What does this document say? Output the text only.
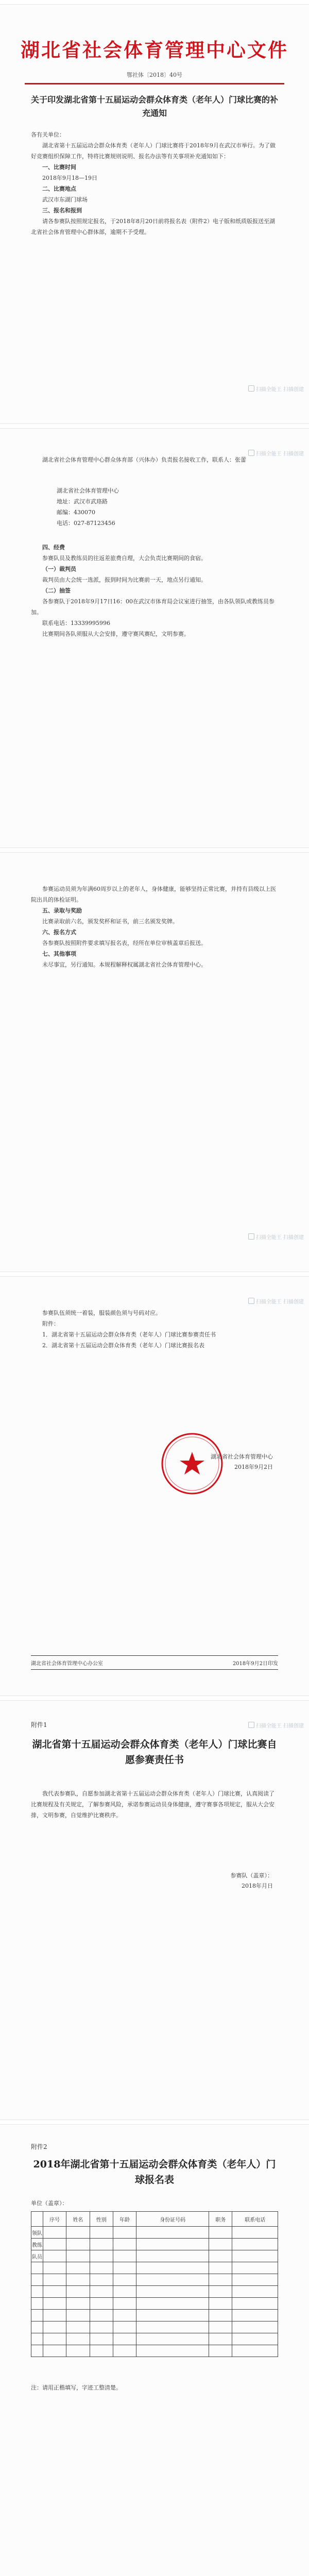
湖北省社会体育管理中心文件
鄂社体〔2018〕40号
关于印发湖北省第十五届运动会群众体育类（老年人）门球比赛的补充通知

各有关单位：

湖北省第十五届运动会群众体育类（老年人）门球比赛将于2018年9月在武汉市举行。为了做好竞赛组织保障工作，特将比赛规则说明、报名办法等有关事项补充通知如下：

一、比赛时间

2018年9月18—19日

二、比赛地点

武汉市东湖门球场

三、报名和报到

请各参赛队按照规定报名，于2018年8月20日前将报名表（附件2）电子版和纸质版报送至湖北省社会体育管理中心群体部，逾期不予受理。

扫描全能王 扫描创建

湖北省社会体育管理中心群众体育部（兴体办）负责报名接收工作，联系人：张蕾

湖北省社会体育管理中心
地址：武汉市武珞路
邮编：430070
电话：027-87123456

四、经费

参赛队员及教练员的往返差旅费自理，大会负责比赛期间的食宿。

（一）裁判员

裁判员由大会统一选派，报到时间为比赛前一天，地点另行通知。

（二）抽签

各参赛队于2018年9月17日16：00在武汉市体育局会议室进行抽签，由各队领队或教练员参加。

联系电话：13339995996

比赛期间各队须服从大会安排，遵守赛风赛纪，文明参赛。

扫描全能王 扫描创建

参赛运动员须为年满60周岁以上的老年人，身体健康，能够坚持正常比赛，并持有县级以上医院出具的体检证明。

五、录取与奖励

比赛录取前六名，颁发奖杯和证书，前三名颁发奖牌。

六、报名方式

各参赛队按照附件要求填写报名表，经所在单位审核盖章后报送。

七、其他事项

未尽事宜，另行通知。本规程解释权属湖北省社会体育管理中心。

扫描全能王 扫描创建

参赛队伍须统一着装，服装颜色须与号码对应。

附件：

1．湖北省第十五届运动会群众体育类（老年人）门球比赛参赛责任书

2．湖北省第十五届运动会群众体育类（老年人）门球比赛报名表

湖北省社会体育管理中心
2018年9月2日
湖北省社会体育管理中心办公室	2018年9月2日印发
扫描全能王 扫描创建
附件1
湖北省第十五届运动会群众体育类（老年人）门球比赛自愿参赛责任书

我代表参赛队，自愿参加湖北省第十五届运动会群众体育类（老年人）门球比赛，认真阅读了比赛规程及有关规定，了解参赛风险，承诺参赛运动员身体健康，遵守赛事各项规定，服从大会安排，文明参赛，自觉维护比赛秩序。

参赛队（盖章）：
2018年月日
扫描全能王 扫描创建
附件2
2018年湖北省第十五届运动会群众体育类（老年人）门球报名表
单位（盖章）：
	序号	姓名	性别	年龄	身份证号码	职务	联系电话
领队							
教练							
队员							

注：请用正楷填写，字迹工整清楚。
